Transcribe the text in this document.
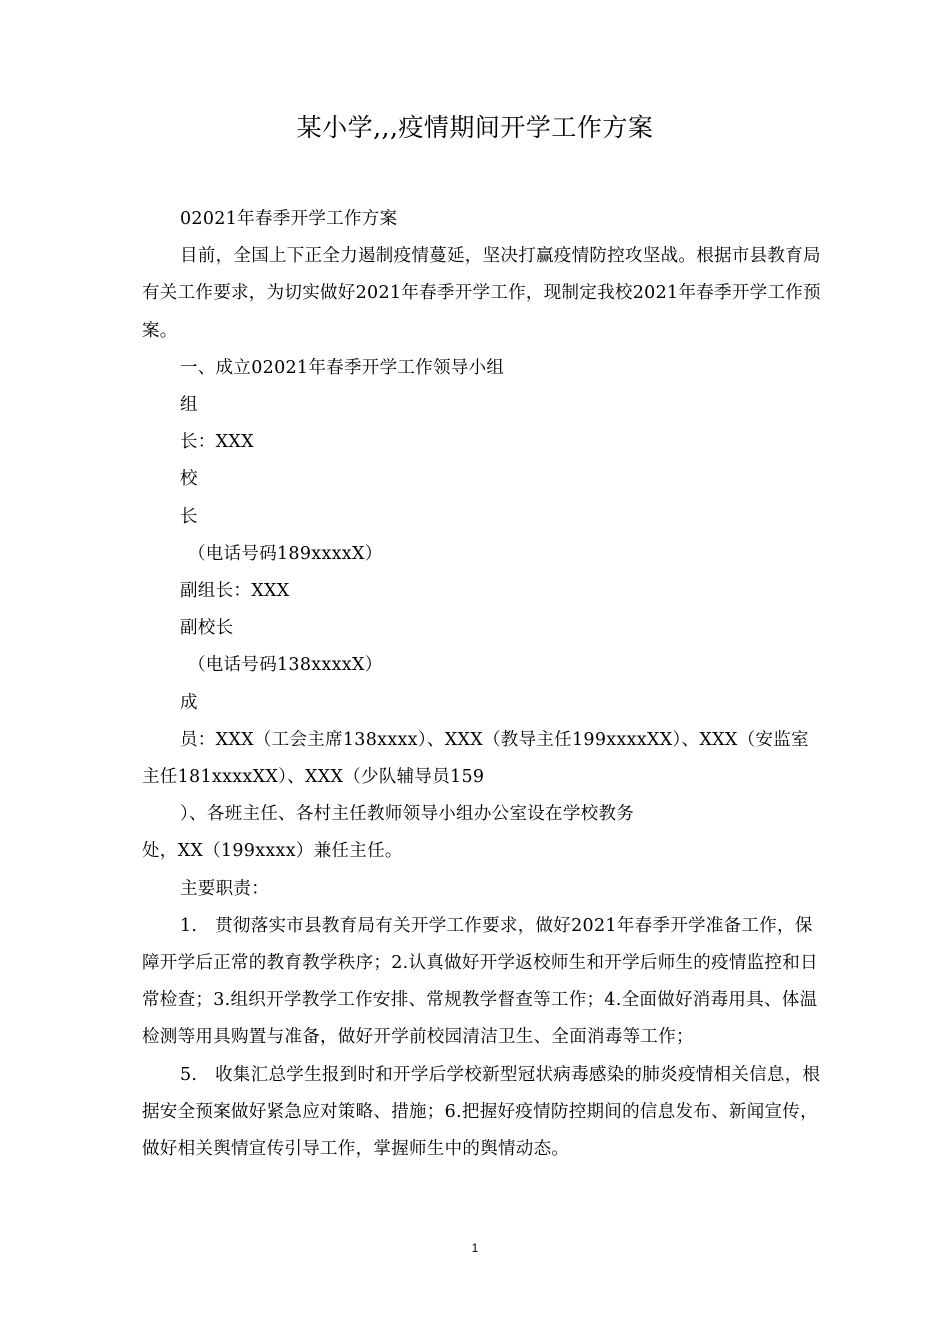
某小学,,,疫情期间开学工作方案

02021年春季开学工作方案

目前，全国上下正全力遏制疫情蔓延，坚决打赢疫情防控攻坚战。根据市县教育局有关工作要求，为切实做好2021年春季开学工作，现制定我校2021年春季开学工作预案。

一、成立02021年春季开学工作领导小组

组

长：XXX

校

长

（电话号码189xxxxX）

副组长：XXX

副校长

（电话号码138xxxxX）

成

员：XXX（工会主席138xxxx）、XXX（教导主任199xxxxXX）、XXX（安监室主任181xxxxXX）、XXX（少队辅导员159

）、各班主任、各村主任教师领导小组办公室设在学校教务

处，XX（199xxxx）兼任主任。

主要职责：

1.　贯彻落实市县教育局有关开学工作要求，做好2021年春季开学准备工作，保障开学后正常的教育教学秩序；2.认真做好开学返校师生和开学后师生的疫情监控和日常检查；3.组织开学教学工作安排、常规教学督查等工作；4.全面做好消毒用具、体温检测等用具购置与准备，做好开学前校园清洁卫生、全面消毒等工作；

5.　收集汇总学生报到时和开学后学校新型冠状病毒感染的肺炎疫情相关信息，根据安全预案做好紧急应对策略、措施；6.把握好疫情防控期间的信息发布、新闻宣传，做好相关舆情宣传引导工作，掌握师生中的舆情动态。

1
